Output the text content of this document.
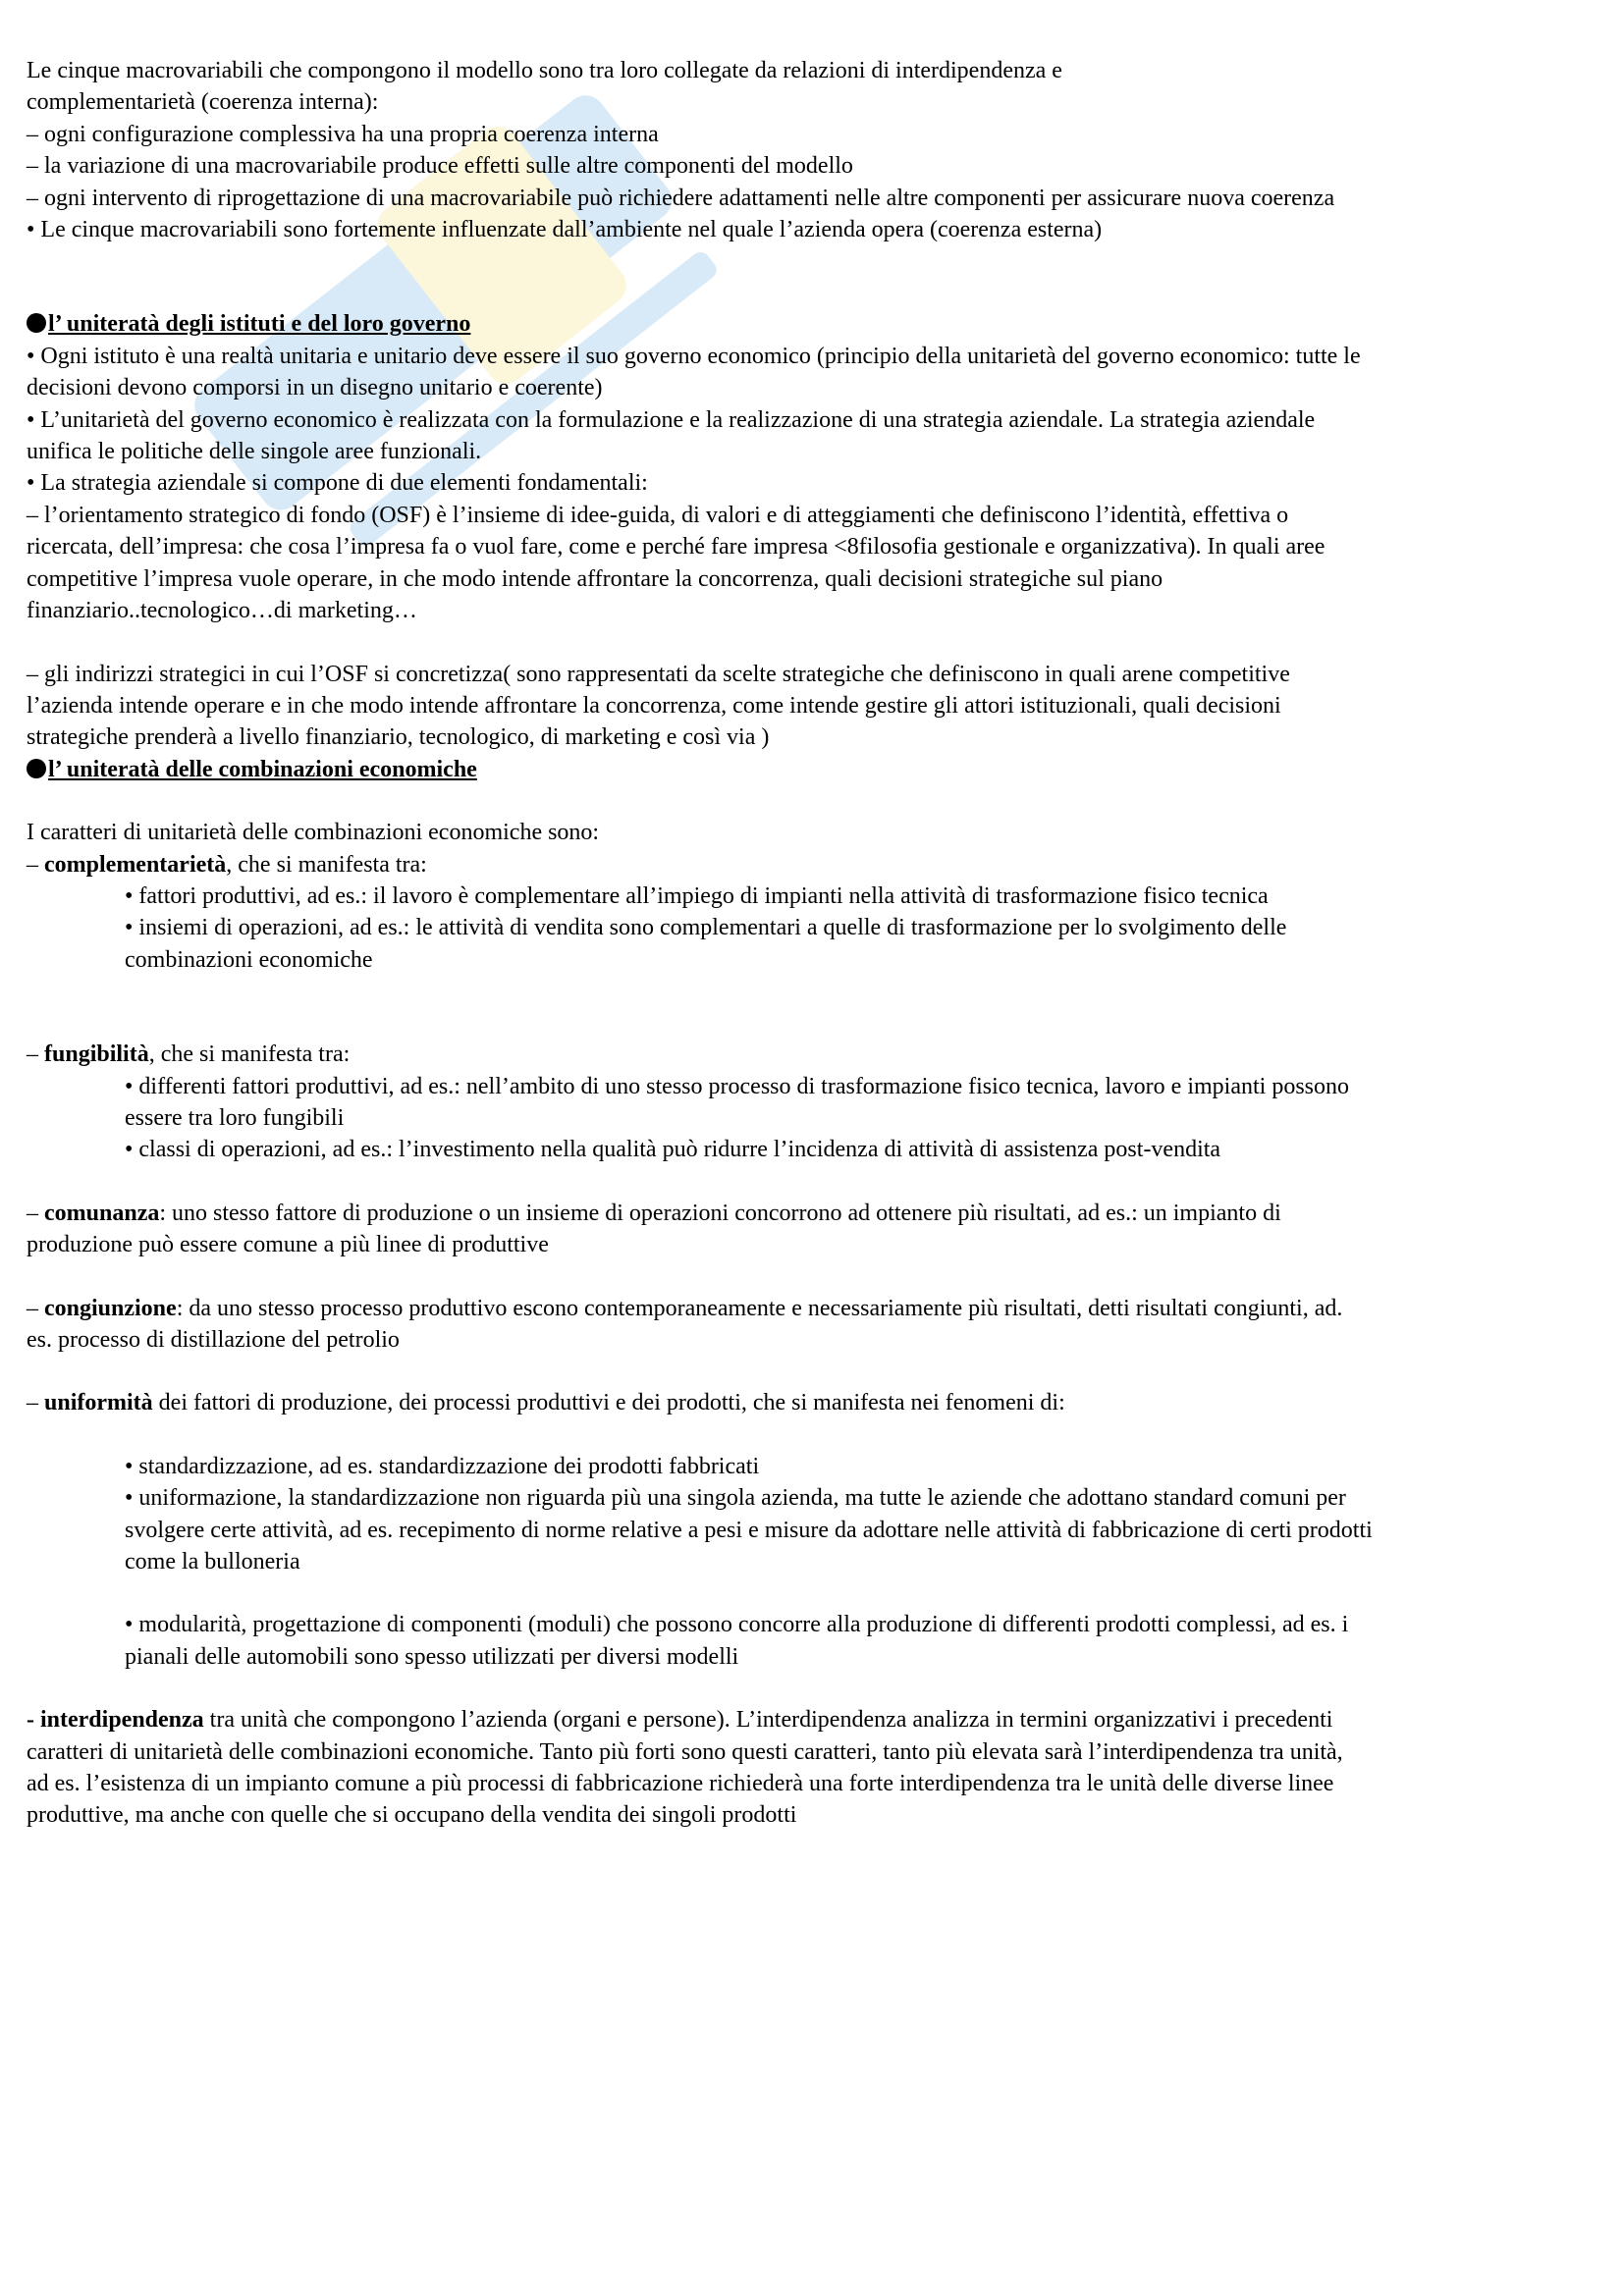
Le cinque macrovariabili che compongono il modello sono tra loro collegate da relazioni di interdipendenza e
complementarietà (coerenza interna):
– ogni configurazione complessiva ha una propria coerenza interna
– la variazione di una macrovariabile produce effetti sulle altre componenti del modello
– ogni intervento di riprogettazione di una macrovariabile può richiedere adattamenti nelle altre componenti per assicurare nuova coerenza
• Le cinque macrovariabili sono fortemente influenzate dall’ambiente nel quale l’azienda opera (coerenza esterna)
l’ uniteratà degli istituti e del loro governo
• Ogni istituto è una realtà unitaria e unitario deve essere il suo governo economico (principio della unitarietà del governo economico: tutte le
decisioni devono comporsi in un disegno unitario e coerente)
• L’unitarietà del governo economico è realizzata con la formulazione e la realizzazione di una strategia aziendale. La strategia aziendale
unifica le politiche delle singole aree funzionali.
• La strategia aziendale si compone di due elementi fondamentali:
– l’orientamento strategico di fondo (OSF) è l’insieme di idee-guida, di valori e di atteggiamenti che definiscono l’identità, effettiva o
ricercata, dell’impresa: che cosa l’impresa fa o vuol fare, come e perché fare impresa <8filosofia gestionale e organizzativa). In quali aree
competitive l’impresa vuole operare, in che modo intende affrontare la concorrenza, quali decisioni strategiche sul piano
finanziario..tecnologico…di marketing…
– gli indirizzi strategici in cui l’OSF si concretizza( sono rappresentati da scelte strategiche che definiscono in quali arene competitive
l’azienda intende operare e in che modo intende affrontare la concorrenza, come intende gestire gli attori istituzionali, quali decisioni
strategiche prenderà a livello finanziario, tecnologico, di marketing e così via )
l’ uniteratà delle combinazioni economiche
I caratteri di unitarietà delle combinazioni economiche sono:
– complementarietà, che si manifesta tra:
• fattori produttivi, ad es.: il lavoro è complementare all’impiego di impianti nella attività di trasformazione fisico tecnica
• insiemi di operazioni, ad es.: le attività di vendita sono complementari a quelle di trasformazione per lo svolgimento delle
combinazioni economiche
– fungibilità, che si manifesta tra:
• differenti fattori produttivi, ad es.: nell’ambito di uno stesso processo di trasformazione fisico tecnica, lavoro e impianti possono
essere tra loro fungibili
• classi di operazioni, ad es.: l’investimento nella qualità può ridurre l’incidenza di attività di assistenza post-vendita
– comunanza: uno stesso fattore di produzione o un insieme di operazioni concorrono ad ottenere più risultati, ad es.: un impianto di
produzione può essere comune a più linee di produttive
– congiunzione: da uno stesso processo produttivo escono contemporaneamente e necessariamente più risultati, detti risultati congiunti, ad.
es. processo di distillazione del petrolio
– uniformità dei fattori di produzione, dei processi produttivi e dei prodotti, che si manifesta nei fenomeni di:
• standardizzazione, ad es. standardizzazione dei prodotti fabbricati
• uniformazione, la standardizzazione non riguarda più una singola azienda, ma tutte le aziende che adottano standard comuni per
svolgere certe attività, ad es. recepimento di norme relative a pesi e misure da adottare nelle attività di fabbricazione di certi prodotti
come la bulloneria
• modularità, progettazione di componenti (moduli) che possono concorre alla produzione di differenti prodotti complessi, ad es. i
pianali delle automobili sono spesso utilizzati per diversi modelli
- interdipendenza tra unità che compongono l’azienda (organi e persone). L’interdipendenza analizza in termini organizzativi i precedenti
caratteri di unitarietà delle combinazioni economiche. Tanto più forti sono questi caratteri, tanto più elevata sarà l’interdipendenza tra unità,
ad es. l’esistenza di un impianto comune a più processi di fabbricazione richiederà una forte interdipendenza tra le unità delle diverse linee
produttive, ma anche con quelle che si occupano della vendita dei singoli prodotti
